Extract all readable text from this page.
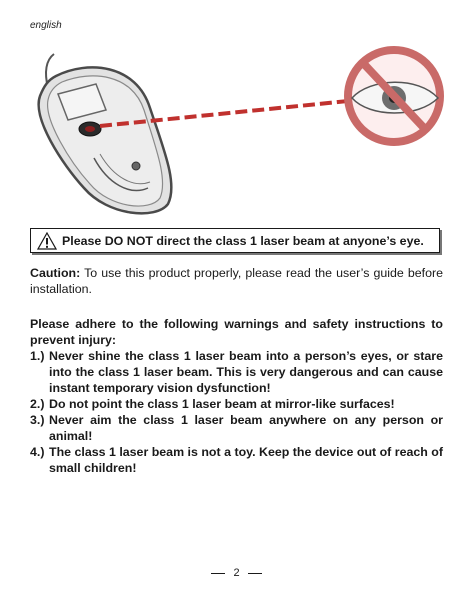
english
Please DO NOT direct the class 1 laser beam at anyone’s eye.

Caution: To use this product properly, please read the user’s guide before installation.

Please adhere to the following warnings and safety instructions to prevent injury:

1.) Never shine the class 1 laser beam into a person’s eyes, or stare into the class 1 laser beam. This is very dangerous and can cause instant temporary vision dysfunction!
2.) Do not point the class 1 laser beam at mirror-like surfaces!
3.) Never aim the class 1 laser beam anywhere on any person or animal!
4.) The class 1 laser beam is not a toy. Keep the device out of reach of small children!
2
